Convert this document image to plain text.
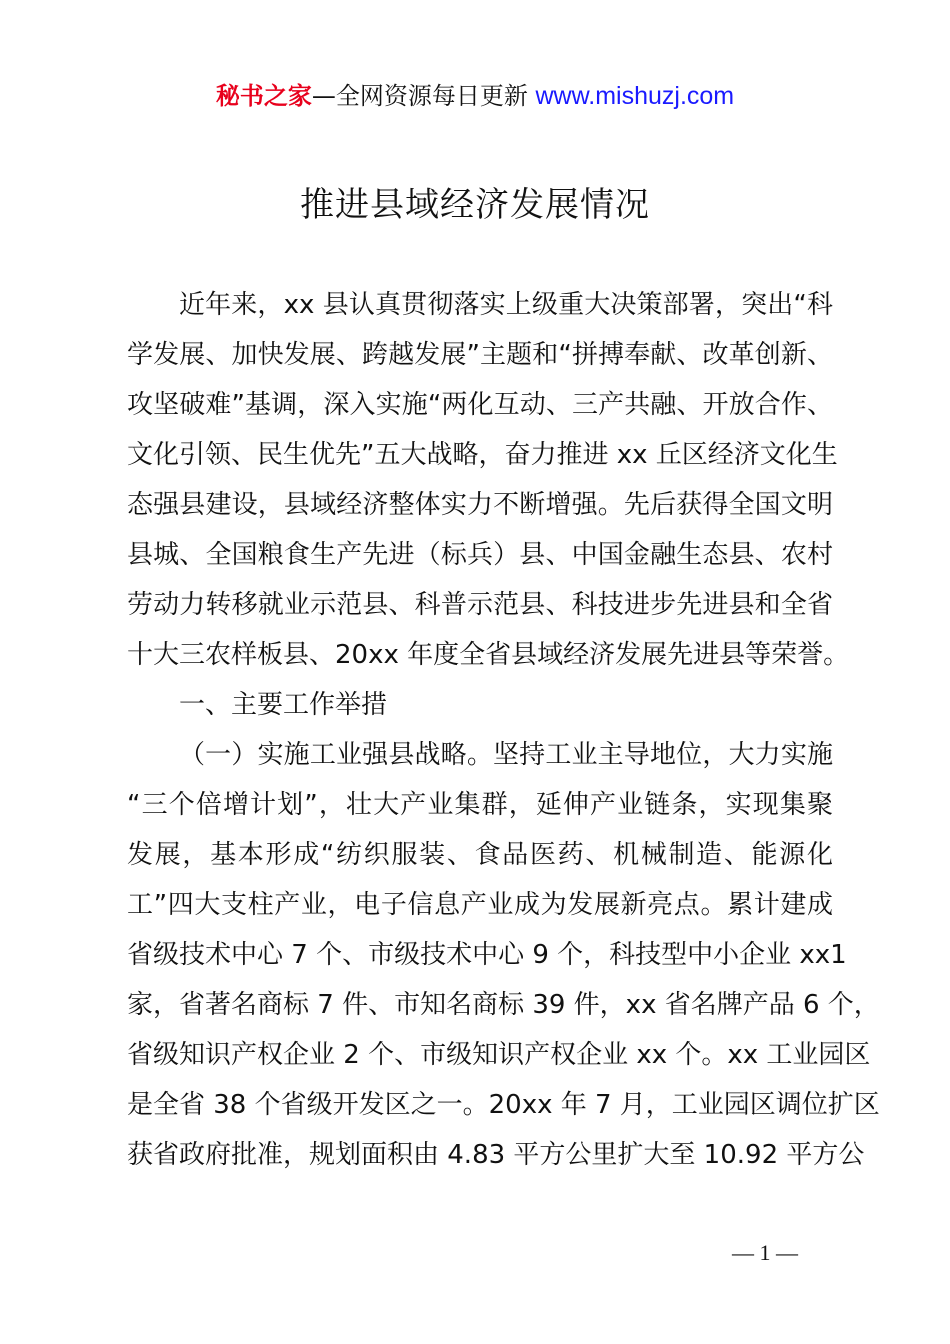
秘书之家—全网资源每日更新 www.mishuzj.com
推进县域经济发展情况
近年来，xx 县认真贯彻落实上级重大决策部署，突出“科
学发展、加快发展、跨越发展”主题和“拼搏奉献、改革创新、
攻坚破难”基调，深入实施“两化互动、三产共融、开放合作、
文化引领、民生优先”五大战略，奋力推进 xx 丘区经济文化生
态强县建设，县域经济整体实力不断增强。先后获得全国文明
县城、全国粮食生产先进（标兵）县、中国金融生态县、农村
劳动力转移就业示范县、科普示范县、科技进步先进县和全省
十大三农样板县、20xx 年度全省县域经济发展先进县等荣誉。
一、主要工作举措
（一）实施工业强县战略。坚持工业主导地位，大力实施
“三个倍增计划”，壮大产业集群，延伸产业链条，实现集聚
发展，基本形成“纺织服装、食品医药、机械制造、能源化
工”四大支柱产业，电子信息产业成为发展新亮点。累计建成
省级技术中心 7 个、市级技术中心 9 个，科技型中小企业 xx1
家，省著名商标 7 件、市知名商标 39 件，xx 省名牌产品 6 个，
省级知识产权企业 2 个、市级知识产权企业 xx 个。xx 工业园区
是全省 38 个省级开发区之一。20xx 年 7 月，工业园区调位扩区
获省政府批准，规划面积由 4.83 平方公里扩大至 10.92 平方公
— 1 —
